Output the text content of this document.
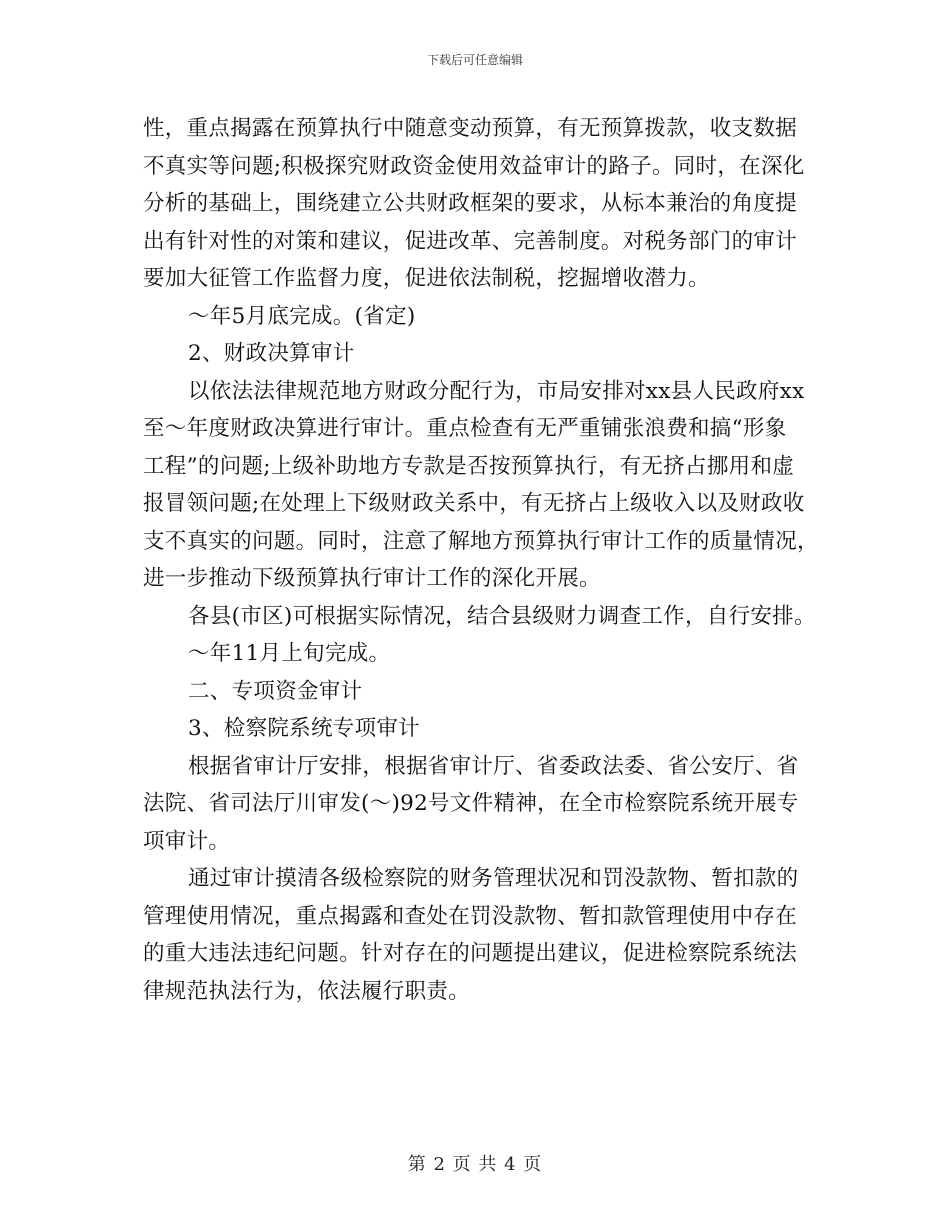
下载后可任意编辑
性，重点揭露在预算执行中随意变动预算，有无预算拨款，收支数据
不真实等问题;积极探究财政资金使用效益审计的路子。同时，在深化
分析的基础上，围绕建立公共财政框架的要求，从标本兼治的角度提
出有针对性的对策和建议，促进改革、完善制度。对税务部门的审计
要加大征管工作监督力度，促进依法制税，挖掘增收潜力。
～年5月底完成。(省定)
2、财政决算审计
以依法法律规范地方财政分配行为，市局安排对xx县人民政府xx
至～年度财政决算进行审计。重点检查有无严重铺张浪费和搞“形象
工程”的问题;上级补助地方专款是否按预算执行，有无挤占挪用和虚
报冒领问题;在处理上下级财政关系中，有无挤占上级收入以及财政收
支不真实的问题。同时，注意了解地方预算执行审计工作的质量情况，
进一步推动下级预算执行审计工作的深化开展。
各县(市区)可根据实际情况，结合县级财力调查工作，自行安排。
～年11月上旬完成。
二、专项资金审计
3、检察院系统专项审计
根据省审计厅安排，根据省审计厅、省委政法委、省公安厅、省
法院、省司法厅川审发(～)92号文件精神，在全市检察院系统开展专
项审计。
通过审计摸清各级检察院的财务管理状况和罚没款物、暂扣款的
管理使用情况，重点揭露和查处在罚没款物、暂扣款管理使用中存在
的重大违法违纪问题。针对存在的问题提出建议，促进检察院系统法
律规范执法行为，依法履行职责。
第 2 页 共 4 页
